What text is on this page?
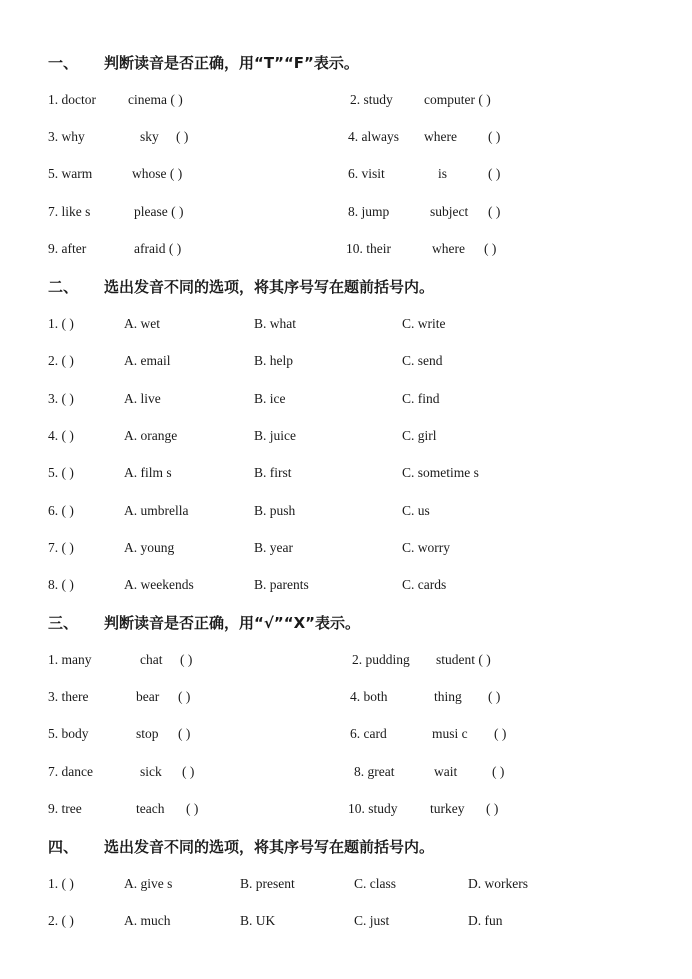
一、 判断读音是否正确，用“T”“F”表示。
1. doctor cinema ( )	2. study computer ( )
3. why	sky ( )	4. always where ( )
5. warm	whose ( )	6. visit	is	( )
7. like s	please ( )	8. jump	subject ( )
9. after	afraid ( )	10. their	where ( )
二、 选出发音不同的选项，将其序号写在题前括号内。
1. ( )	A. wet	B. what	C. write
2. ( )	A. email	B. help	C. send
3. ( )	A. live	B. ice	C. find
4. ( )	A. orange	B. juice	C. girl
5. ( )	A. film s	B. first	C. sometime s
6. ( )	A. umbrella	B. push	C. us
7. ( )	A. young	B. year	C. worry
8. ( )	A. weekends	B. parents	C. cards
三、 判断读音是否正确，用“√”“X”表示。
1. many	chat ( )	2. pudding student ( )
3. there	bear ( )	4. both	thing ( )
5. body	stop ( )	6. card	musi c ( )
7. dance	sick ( )	8. great	wait	( )
9. tree	teach ( )	10. study turkey ( )
四、 选出发音不同的选项，将其序号写在题前括号内。
1. ( )	A. give s	B. present	C. class	D. workers
2. ( )	A. much	B. UK	C. just	D. fun
